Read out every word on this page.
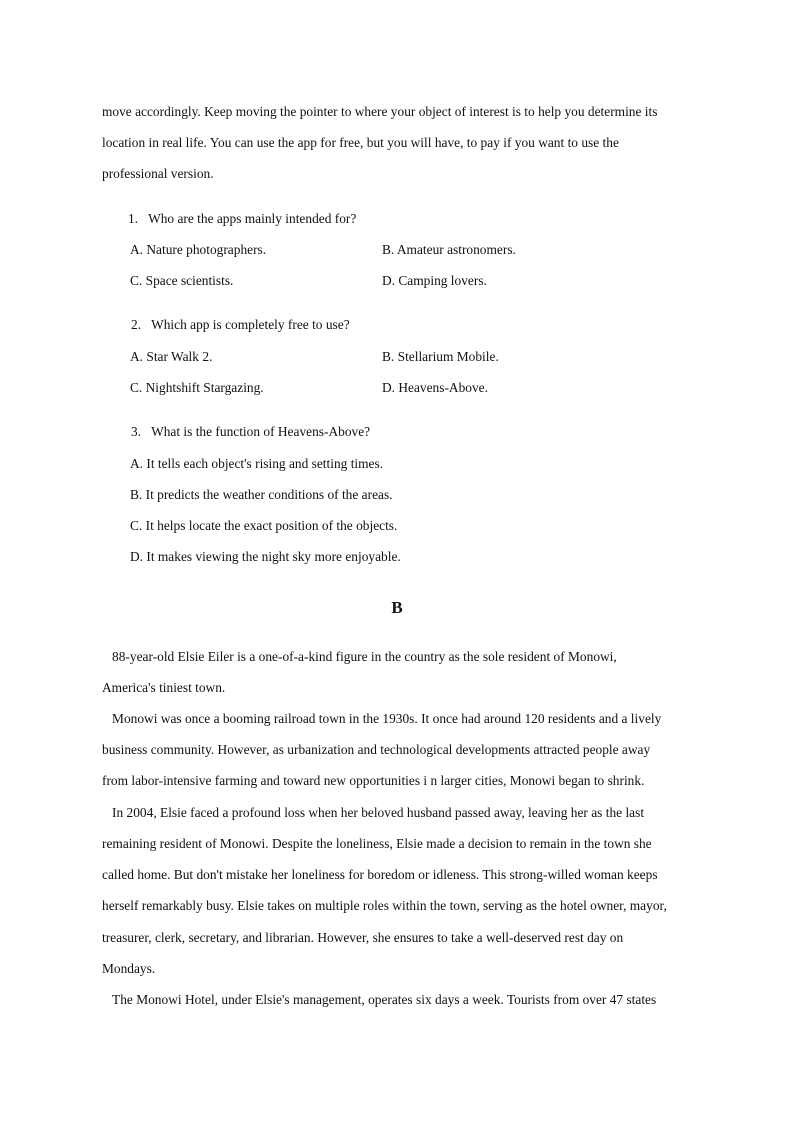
move accordingly. Keep moving the pointer to where your object of interest is to help you determine its
location in real life. You can use the app for free, but you will have, to pay if you want to use the
professional version.
1.   Who are the apps mainly intended for?
A. Nature photographers.	B. Amateur astronomers.
C. Space scientists.	D. Camping lovers.
2.   Which app is completely free to use?
A. Star Walk 2.	B. Stellarium Mobile.
C. Nightshift Stargazing.	D. Heavens-Above.
3.   What is the function of Heavens-Above?
A. It tells each object's rising and setting times.
B. It predicts the weather conditions of the areas.
C. It helps locate the exact position of the objects.
D. It makes viewing the night sky more enjoyable.
B
88-year-old Elsie Eiler is a one-of-a-kind figure in the country as the sole resident of Monowi,
America's tiniest town.
Monowi was once a booming railroad town in the 1930s. It once had around 120 residents and a lively
business community. However, as urbanization and technological developments attracted people away
from labor-intensive farming and toward new opportunities i n larger cities, Monowi began to shrink.
In 2004, Elsie faced a profound loss when her beloved husband passed away, leaving her as the last
remaining resident of Monowi. Despite the loneliness, Elsie made a decision to remain in the town she
called home. But don't mistake her loneliness for boredom or idleness. This strong-willed woman keeps
herself remarkably busy. Elsie takes on multiple roles within the town, serving as the hotel owner, mayor,
treasurer, clerk, secretary, and librarian. However, she ensures to take a well-deserved rest day on
Mondays.
The Monowi Hotel, under Elsie's management, operates six days a week. Tourists from over 47 states
